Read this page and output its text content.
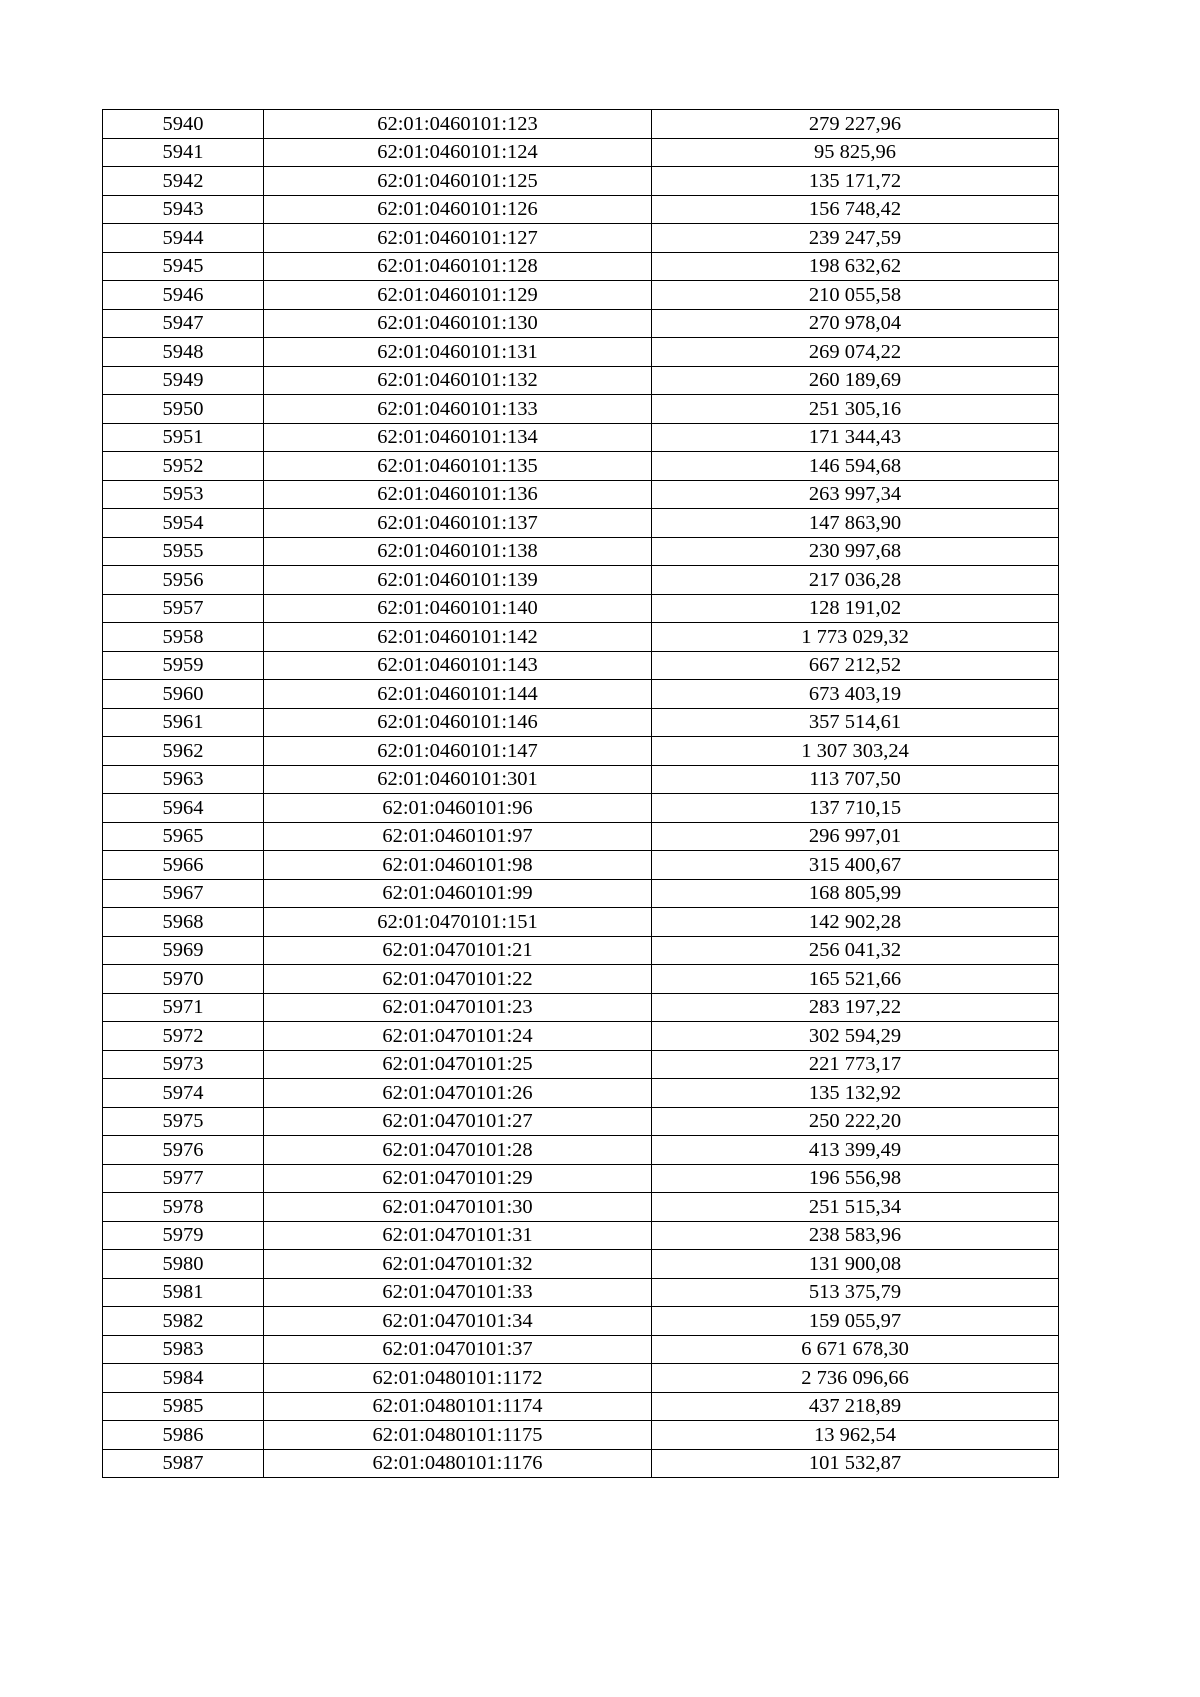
5940	62:01:0460101:123	279 227,96
5941	62:01:0460101:124	95 825,96
5942	62:01:0460101:125	135 171,72
5943	62:01:0460101:126	156 748,42
5944	62:01:0460101:127	239 247,59
5945	62:01:0460101:128	198 632,62
5946	62:01:0460101:129	210 055,58
5947	62:01:0460101:130	270 978,04
5948	62:01:0460101:131	269 074,22
5949	62:01:0460101:132	260 189,69
5950	62:01:0460101:133	251 305,16
5951	62:01:0460101:134	171 344,43
5952	62:01:0460101:135	146 594,68
5953	62:01:0460101:136	263 997,34
5954	62:01:0460101:137	147 863,90
5955	62:01:0460101:138	230 997,68
5956	62:01:0460101:139	217 036,28
5957	62:01:0460101:140	128 191,02
5958	62:01:0460101:142	1 773 029,32
5959	62:01:0460101:143	667 212,52
5960	62:01:0460101:144	673 403,19
5961	62:01:0460101:146	357 514,61
5962	62:01:0460101:147	1 307 303,24
5963	62:01:0460101:301	113 707,50
5964	62:01:0460101:96	137 710,15
5965	62:01:0460101:97	296 997,01
5966	62:01:0460101:98	315 400,67
5967	62:01:0460101:99	168 805,99
5968	62:01:0470101:151	142 902,28
5969	62:01:0470101:21	256 041,32
5970	62:01:0470101:22	165 521,66
5971	62:01:0470101:23	283 197,22
5972	62:01:0470101:24	302 594,29
5973	62:01:0470101:25	221 773,17
5974	62:01:0470101:26	135 132,92
5975	62:01:0470101:27	250 222,20
5976	62:01:0470101:28	413 399,49
5977	62:01:0470101:29	196 556,98
5978	62:01:0470101:30	251 515,34
5979	62:01:0470101:31	238 583,96
5980	62:01:0470101:32	131 900,08
5981	62:01:0470101:33	513 375,79
5982	62:01:0470101:34	159 055,97
5983	62:01:0470101:37	6 671 678,30
5984	62:01:0480101:1172	2 736 096,66
5985	62:01:0480101:1174	437 218,89
5986	62:01:0480101:1175	13 962,54
5987	62:01:0480101:1176	101 532,87
